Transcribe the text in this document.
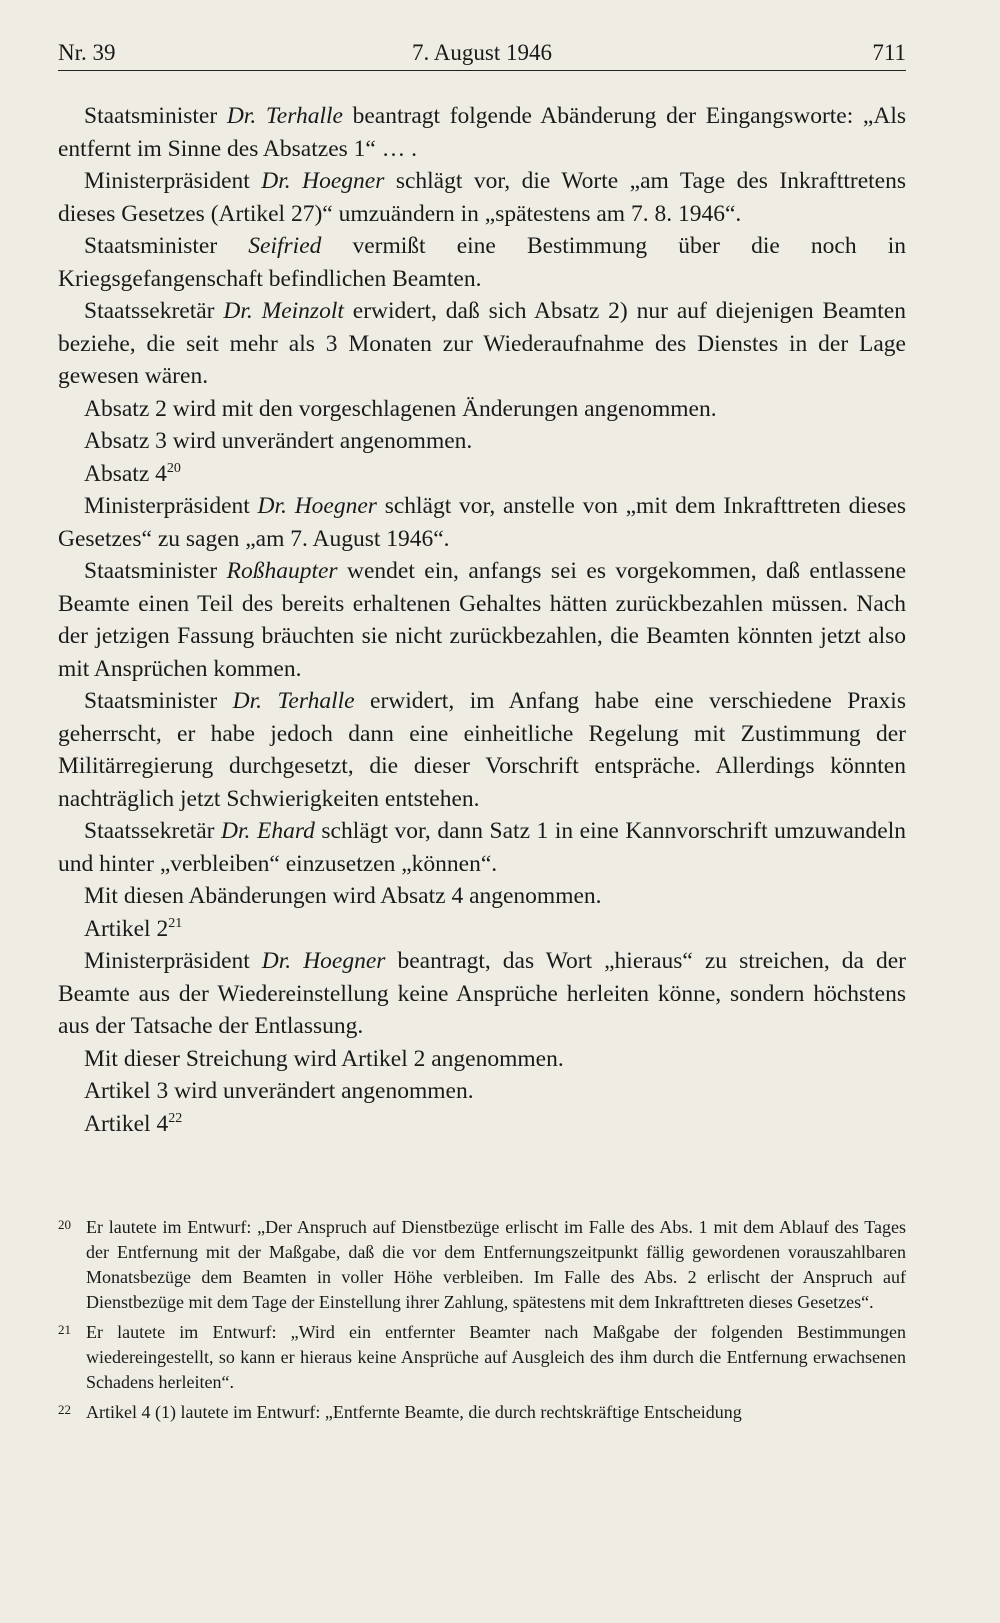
Nr. 39	7. August 1946	711

Staatsminister Dr. Terhalle beantragt folgende Abänderung der Eingangsworte: „Als entfernt im Sinne des Absatzes 1“ … .

Ministerpräsident Dr. Hoegner schlägt vor, die Worte „am Tage des Inkrafttretens dieses Gesetzes (Artikel 27)“ umzuändern in „spätestens am 7. 8. 1946“.

Staatsminister Seifried vermißt eine Bestimmung über die noch in Kriegsgefangenschaft befindlichen Beamten.

Staatssekretär Dr. Meinzolt erwidert, daß sich Absatz 2) nur auf diejenigen Beamten beziehe, die seit mehr als 3 Monaten zur Wiederaufnahme des Dienstes in der Lage gewesen wären.

Absatz 2 wird mit den vorgeschlagenen Änderungen angenommen.

Absatz 3 wird unverändert angenommen.

Absatz $4^{20}$

Ministerpräsident Dr. Hoegner schlägt vor, anstelle von „mit dem Inkrafttreten dieses Gesetzes“ zu sagen „am 7. August 1946“.

Staatsminister Roßhaupter wendet ein, anfangs sei es vorgekommen, daß entlassene Beamte einen Teil des bereits erhaltenen Gehaltes hätten zurückbezahlen müssen. Nach der jetzigen Fassung bräuchten sie nicht zurückbezahlen, die Beamten könnten jetzt also mit Ansprüchen kommen.

Staatsminister Dr. Terhalle erwidert, im Anfang habe eine verschiedene Praxis geherrscht, er habe jedoch dann eine einheitliche Regelung mit Zustimmung der Militärregierung durchgesetzt, die dieser Vorschrift entspräche. Allerdings könnten nachträglich jetzt Schwierigkeiten entstehen.

Staatssekretär Dr. Ehard schlägt vor, dann Satz 1 in eine Kannvorschrift umzuwandeln und hinter „verbleiben“ einzusetzen „können“.

Mit diesen Abänderungen wird Absatz 4 angenommen.

Artikel $2^{21}$

Ministerpräsident Dr. Hoegner beantragt, das Wort „hieraus“ zu streichen, da der Beamte aus der Wiedereinstellung keine Ansprüche herleiten könne, sondern höchstens aus der Tatsache der Entlassung.

Mit dieser Streichung wird Artikel 2 angenommen.

Artikel 3 wird unverändert angenommen.

Artikel $4^{22}$

20 Er lautete im Entwurf: „Der Anspruch auf Dienstbezüge erlischt im Falle des Abs. 1 mit dem Ablauf des Tages der Entfernung mit der Maßgabe, daß die vor dem Entfernungszeitpunkt fällig gewordenen vorauszahlbaren Monatsbezüge dem Beamten in voller Höhe verbleiben. Im Falle des Abs. 2 erlischt der Anspruch auf Dienstbezüge mit dem Tage der Einstellung ihrer Zahlung, spätestens mit dem Inkrafttreten dieses Gesetzes“.
21 Er lautete im Entwurf: „Wird ein entfernter Beamter nach Maßgabe der folgenden Bestimmungen wiedereingestellt, so kann er hieraus keine Ansprüche auf Ausgleich des ihm durch die Entfernung erwachsenen Schadens herleiten“.
22 Artikel 4 (1) lautete im Entwurf: „Entfernte Beamte, die durch rechtskräftige Entscheidung
